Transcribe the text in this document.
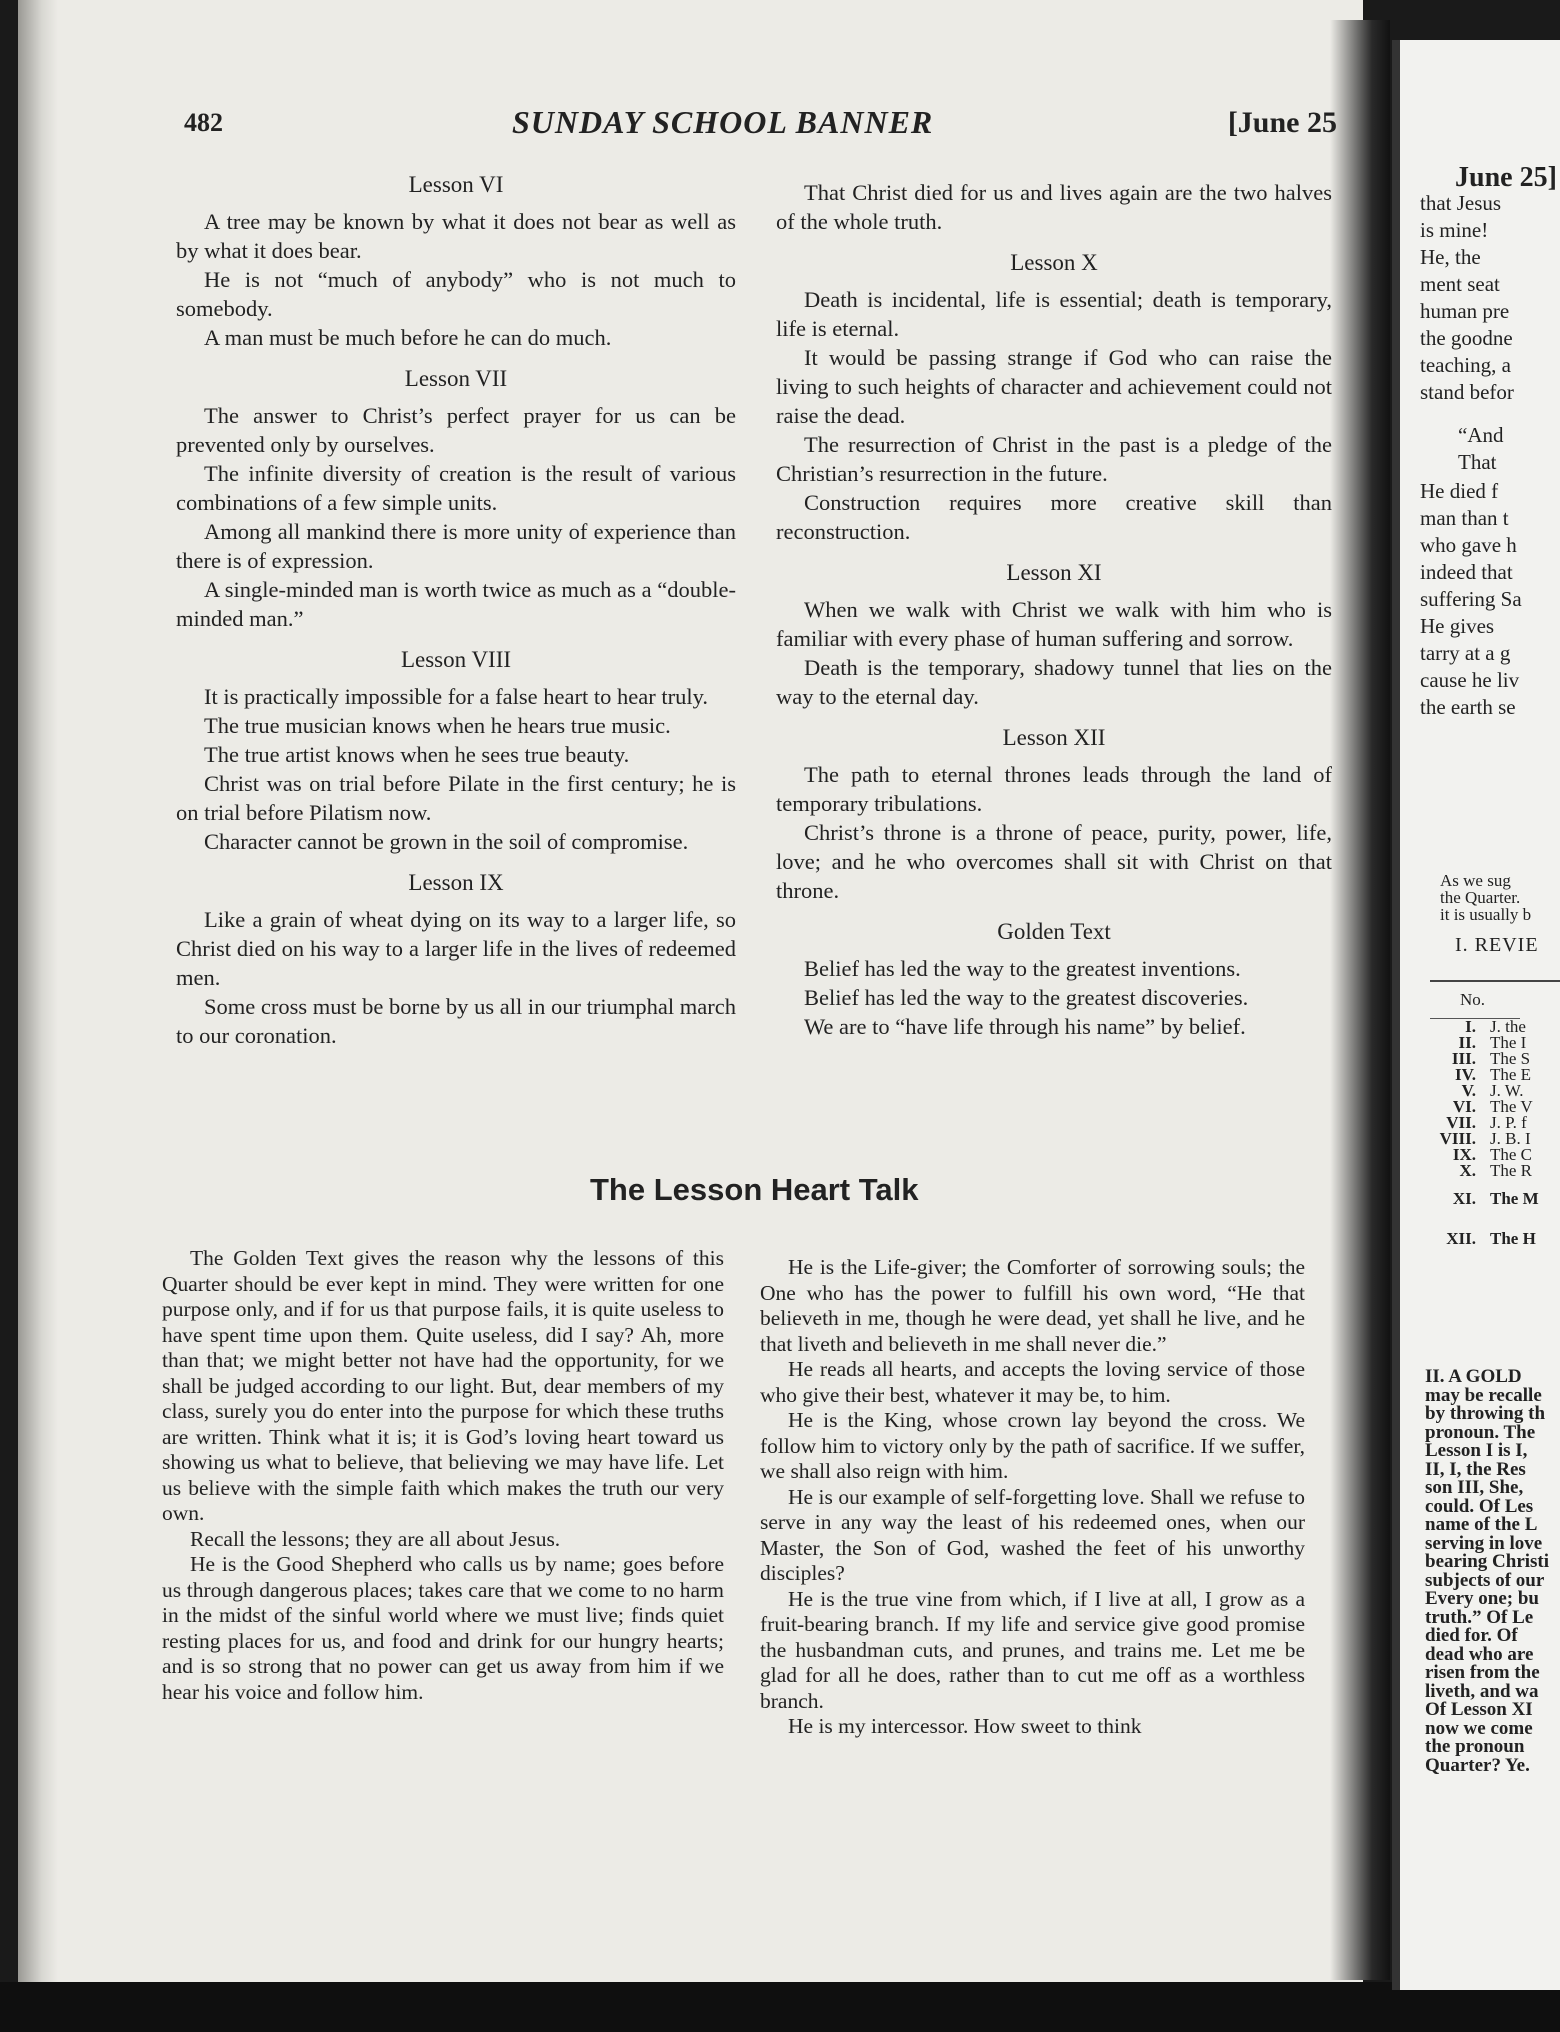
482	SUNDAY SCHOOL BANNER	[June 25

Lesson VI

A tree may be known by what it does not bear as well as by what it does bear.

He is not “much of anybody” who is not much to somebody.

A man must be much before he can do much.

Lesson VII

The answer to Christ’s perfect prayer for us can be prevented only by ourselves.

The infinite diversity of creation is the result of various combinations of a few simple units.

Among all mankind there is more unity of experience than there is of expression.

A single-minded man is worth twice as much as a “double-minded man.”

Lesson VIII

It is practically impossible for a false heart to hear truly.

The true musician knows when he hears true music.

The true artist knows when he sees true beauty.

Christ was on trial before Pilate in the first century; he is on trial before Pilatism now.

Character cannot be grown in the soil of compromise.

Lesson IX

Like a grain of wheat dying on its way to a larger life, so Christ died on his way to a larger life in the lives of redeemed men.

Some cross must be borne by us all in our triumphal march to our coronation.

That Christ died for us and lives again are the two halves of the whole truth.

Lesson X

Death is incidental, life is essential; death is temporary, life is eternal.

It would be passing strange if God who can raise the living to such heights of character and achievement could not raise the dead.

The resurrection of Christ in the past is a pledge of the Christian’s resurrection in the future.

Construction requires more creative skill than reconstruction.

Lesson XI

When we walk with Christ we walk with him who is familiar with every phase of human suffering and sorrow.

Death is the temporary, shadowy tunnel that lies on the way to the eternal day.

Lesson XII

The path to eternal thrones leads through the land of temporary tribulations.

Christ’s throne is a throne of peace, purity, power, life, love; and he who overcomes shall sit with Christ on that throne.

Golden Text

Belief has led the way to the greatest inventions.

Belief has led the way to the greatest discoveries.

We are to “have life through his name” by belief.

The Lesson Heart Talk

The Golden Text gives the reason why the lessons of this Quarter should be ever kept in mind. They were written for one purpose only, and if for us that purpose fails, it is quite useless to have spent time upon them. Quite useless, did I say? Ah, more than that; we might better not have had the opportunity, for we shall be judged according to our light. But, dear members of my class, surely you do enter into the purpose for which these truths are written. Think what it is; it is God’s loving heart toward us showing us what to believe, that believing we may have life. Let us believe with the simple faith which makes the truth our very own.

Recall the lessons; they are all about Jesus.

He is the Good Shepherd who calls us by name; goes before us through dangerous places; takes care that we come to no harm in the midst of the sinful world where we must live; finds quiet resting places for us, and food and drink for our hungry hearts; and is so strong that no power can get us away from him if we hear his voice and follow him.

He is the Life-giver; the Comforter of sorrowing souls; the One who has the power to fulfill his own word, “He that believeth in me, though he were dead, yet shall he live, and he that liveth and believeth in me shall never die.”

He reads all hearts, and accepts the loving service of those who give their best, whatever it may be, to him.

He is the King, whose crown lay beyond the cross. We follow him to victory only by the path of sacrifice. If we suffer, we shall also reign with him.

He is our example of self-forgetting love. Shall we refuse to serve in any way the least of his redeemed ones, when our Master, the Son of God, washed the feet of his unworthy disciples?

He is the true vine from which, if I live at all, I grow as a fruit-bearing branch. If my life and service give good promise the husbandman cuts, and prunes, and trains me. Let me be glad for all he does, rather than to cut me off as a worthless branch.

He is my intercessor. How sweet to think

June 25]
that Jesus
is mine!
He, the
ment seat
human pre
the goodne
teaching, a
stand befor
“And
That
He died f
man than t
who gave h
indeed that
suffering Sa
He gives
tarry at a g
cause he liv
the earth se
As we sug
the Quarter.
it is usually b
I. REVIE
No.
I. J. the
II. The I
III. The S
IV. The E
V. J. W.
VI. The V
VII. J. P. f
VIII. J. B. I
IX. The C
X. The R
XI. The M
XII. The H
II. A GOLD
may be recalle
by throwing th
pronoun. The
Lesson I is I,
II, I, the Res
son III, She,
could. Of Les
name of the L
serving in love
bearing Christi
subjects of our
Every one; bu
truth.” Of Le
died for. Of
dead who are
risen from the
liveth, and wa
Of Lesson XI
now we come
the pronoun
Quarter? Ye.
